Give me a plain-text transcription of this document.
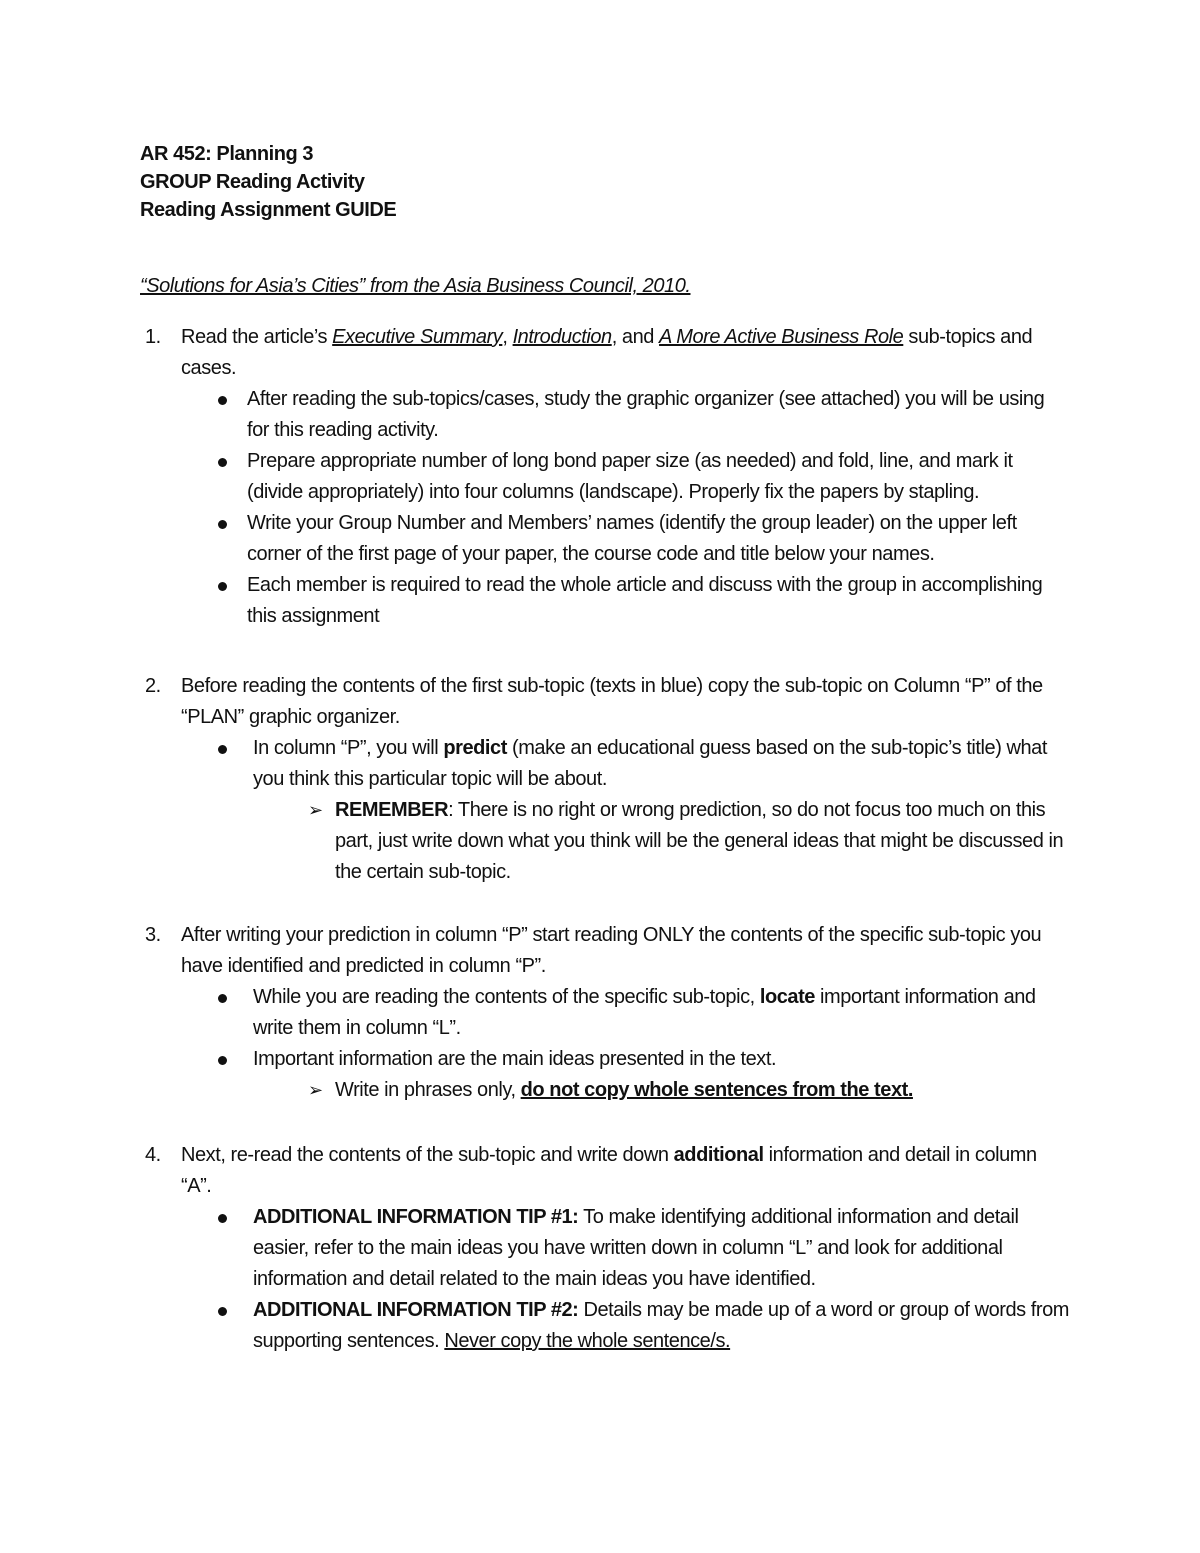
AR 452: Planning 3
GROUP Reading Activity
Reading Assignment GUIDE
“Solutions for Asia’s Cities” from the Asia Business Council, 2010.
1. Read the article’s Executive Summary, Introduction, and A More Active Business Role sub-topics and cases.
After reading the sub-topics/cases, study the graphic organizer (see attached) you will be using for this reading activity.
Prepare appropriate number of long bond paper size (as needed) and fold, line, and mark it (divide appropriately) into four columns (landscape). Properly fix the papers by stapling.
Write your Group Number and Members’ names (identify the group leader) on the upper left corner of the first page of your paper, the course code and title below your names.
Each member is required to read the whole article and discuss with the group in accomplishing this assignment
2. Before reading the contents of the first sub-topic (texts in blue) copy the sub-topic on Column “P” of the “PLAN” graphic organizer.
In column “P”, you will predict (make an educational guess based on the sub-topic’s title) what you think this particular topic will be about.
➢ REMEMBER: There is no right or wrong prediction, so do not focus too much on this part, just write down what you think will be the general ideas that might be discussed in the certain sub-topic.
3. After writing your prediction in column “P” start reading ONLY the contents of the specific sub-topic you have identified and predicted in column “P”.
While you are reading the contents of the specific sub-topic, locate important information and write them in column “L”.
Important information are the main ideas presented in the text.
➢ Write in phrases only, do not copy whole sentences from the text.
4. Next, re-read the contents of the sub-topic and write down additional information and detail in column “A”.
ADDITIONAL INFORMATION TIP #1: To make identifying additional information and detail easier, refer to the main ideas you have written down in column “L” and look for additional information and detail related to the main ideas you have identified.
ADDITIONAL INFORMATION TIP #2: Details may be made up of a word or group of words from supporting sentences. Never copy the whole sentence/s.
